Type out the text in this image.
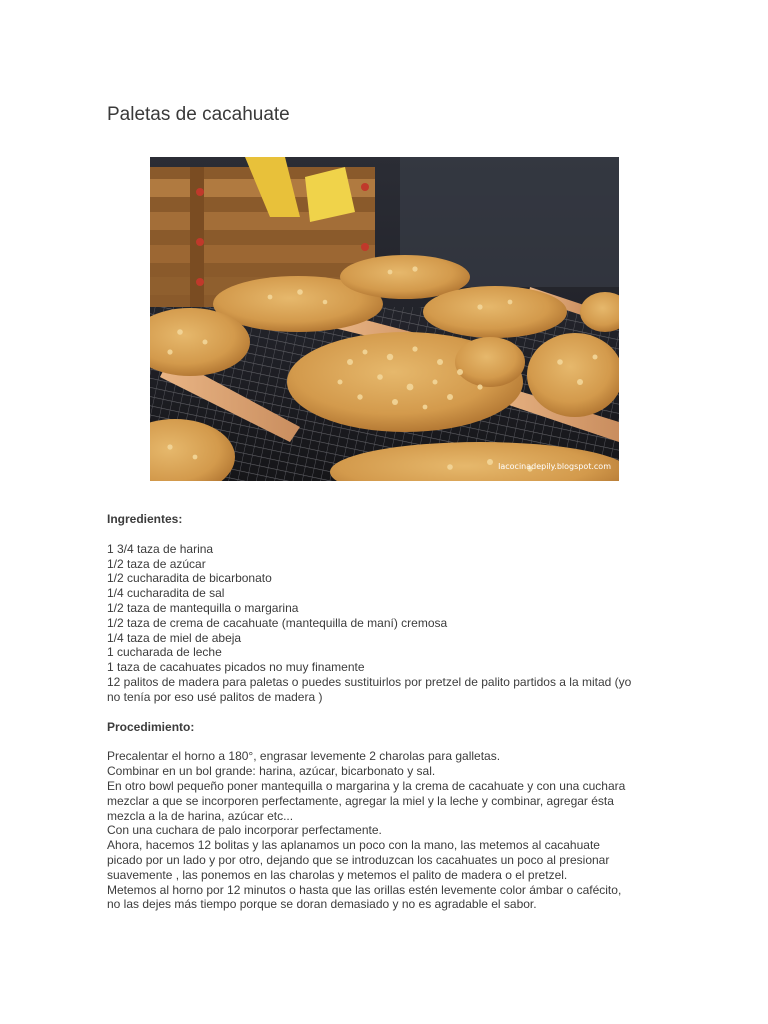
Paletas de cacahuate
lacocinadepily.blogspot.com

Ingredientes:

1 3/4 taza de harina

1/2 taza de azúcar

1/2 cucharadita de bicarbonato

1/4 cucharadita de sal

1/2 taza de mantequilla o margarina

1/2 taza de crema de cacahuate (mantequilla de maní) cremosa

1/4 taza de miel de abeja

1 cucharada de leche

1 taza de cacahuates picados no muy finamente

12 palitos de madera para paletas o puedes sustituirlos por pretzel de palito partidos a la mitad (yo

no tenía por eso usé palitos de madera )

Procedimiento:

Precalentar el horno a 180°, engrasar levemente 2 charolas para galletas.

Combinar en un bol grande: harina, azúcar, bicarbonato y sal.

En otro bowl pequeño poner mantequilla o margarina y la crema de cacahuate y con una cuchara

mezclar a que se incorporen perfectamente, agregar la miel y la leche y combinar, agregar ésta

mezcla a la de harina, azúcar etc...

Con una cuchara de palo incorporar perfectamente.

Ahora, hacemos 12 bolitas y las aplanamos un poco con la mano, las metemos al cacahuate

picado por un lado y por otro, dejando que se introduzcan los cacahuates un poco al presionar

suavemente , las ponemos en las charolas y metemos el palito de madera o el pretzel.

Metemos al horno por 12 minutos o hasta que las orillas estén levemente color ámbar o cafécito,

no las dejes más tiempo porque se doran demasiado y no es agradable el sabor.
